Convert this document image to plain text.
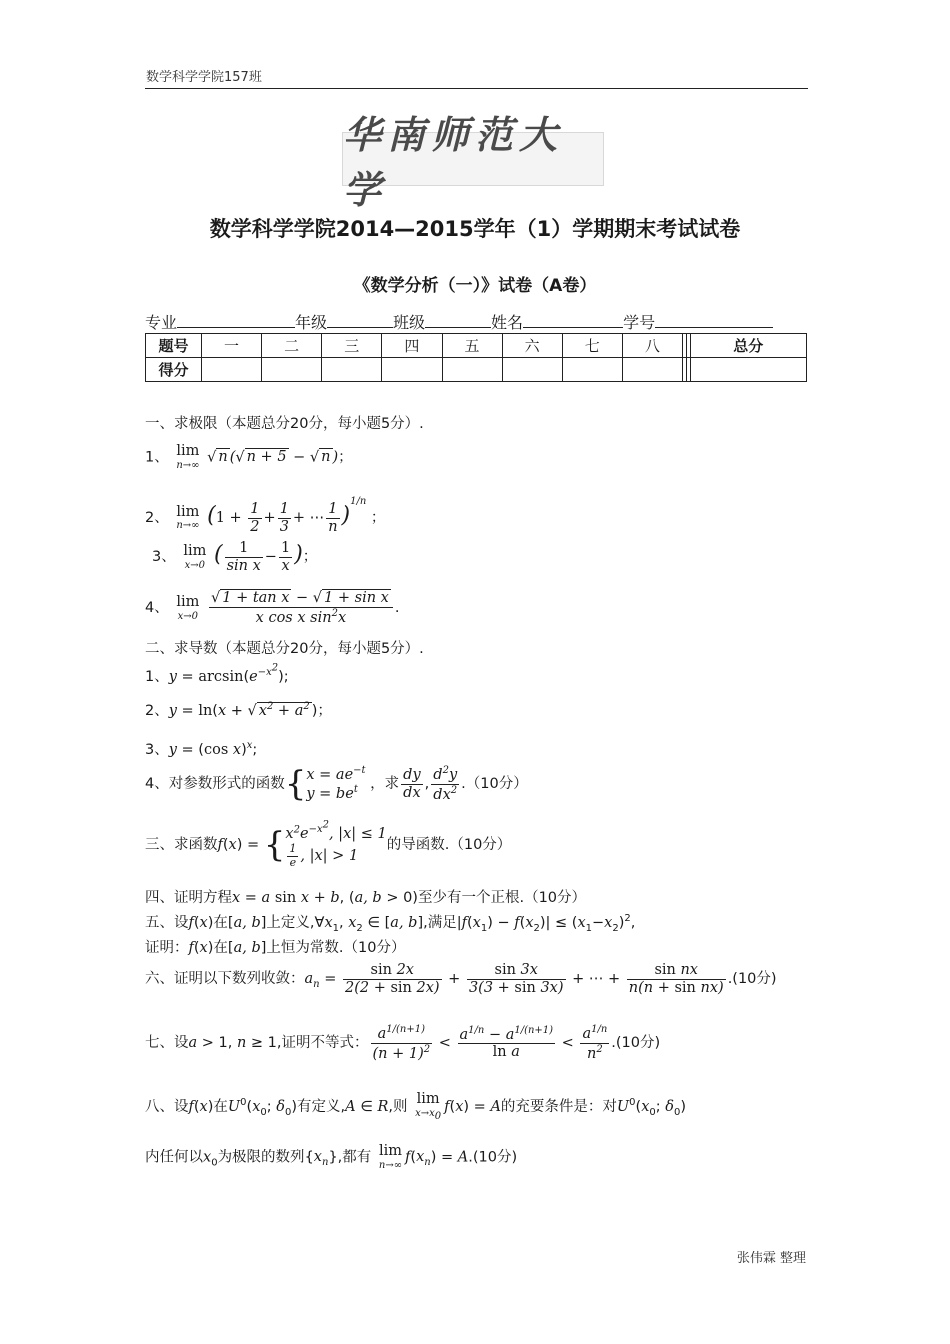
数学科学学院157班
华南师范大学
数学科学学院2014—2015学年（1）学期期末考试试卷
《数学分析（一）》试卷（A卷）
专业	年级	班级	姓名	学号
题号	一	二	三	四	五	六	七	八			总分
得分											
一、求极限（本题总分20分，每小题5分）.
1、 lim
n→∞ √ n (√ n + 5 − √ n )；
2、 lim
n→∞ ($1 + \frac{1}{2} + \frac{1}{3}$ + ⋯ $\frac{1}{n} )^{1/n}$ ；
3、 lim
x→0 ( $\frac{1}{\text{sin x}} - \frac{1}{x}$ )；
4、 lim
x→0
$\frac{\text{√ 1 + tan x − √ 1 + sin x}}{x \cos x \sin^2x}$ .
二、求导数（本题总分20分，每小题5分）.
1、$y = \arcsin(e^{-x^2})$;
2、y = ln(x + √ $x^2 + a^2$ )；
3、y = (cos x)$^x$;
4、对参数形式的函数{ $x = ae^{-t}$
$y = be^t$ ，求 $\frac{dy}{dx}$ , $\frac{d^2y}{dx^2} .(10$分）
三、求函数f(x) = { $x^2e^{-x^2}$, |x| ≤ 1
$\frac{1}{e}$ , |x| > 1
的导函数.（10分）
四、证明方程x = a sin x + b, (a, b > 0)至少有一个正根.（10分）
五、设f(x)在[a, b]上定义$,\forall x_1$, $x_2$ ∈ [a, b],满足$|f(x_1) - f(x_2)| \le (x_1-x_2)^2$,
证明：f(x)在[a, b]上恒为常数.（10分）
六、证明以下数列收敛：$a_n = \frac{\sin 2x}{2(2 + \sin 2x)} + \frac{\sin 3x}{3(3 + \sin 3x)}$ + ⋯ + $\frac{\text{sin nx}}{\text{n(n + sin nx)}} .(10$分)
七、设a > 1, n ≥ 1,证明不等式： $\frac{a^{1/(n+1)}}{(n + 1)^2} < \frac{a^{1/n} - a^{1/(n+1)}}{\text{ln a}} < \frac{a^{1/n}}{n^2} .(10$分)
八、设f(x)在$U^0(x_0$; $\delta_0$)有定义,A ∈ R,则 lim
$x\to x_0$
f(x) = A的充要条件是：对$U^0(x_0$; $\delta_0$)
内任何以$x_0$为极限的数列$\{x_n\}$,都有 lim
n→∞ $f(x_n) = A.(10$分)
张伟霖 整理
